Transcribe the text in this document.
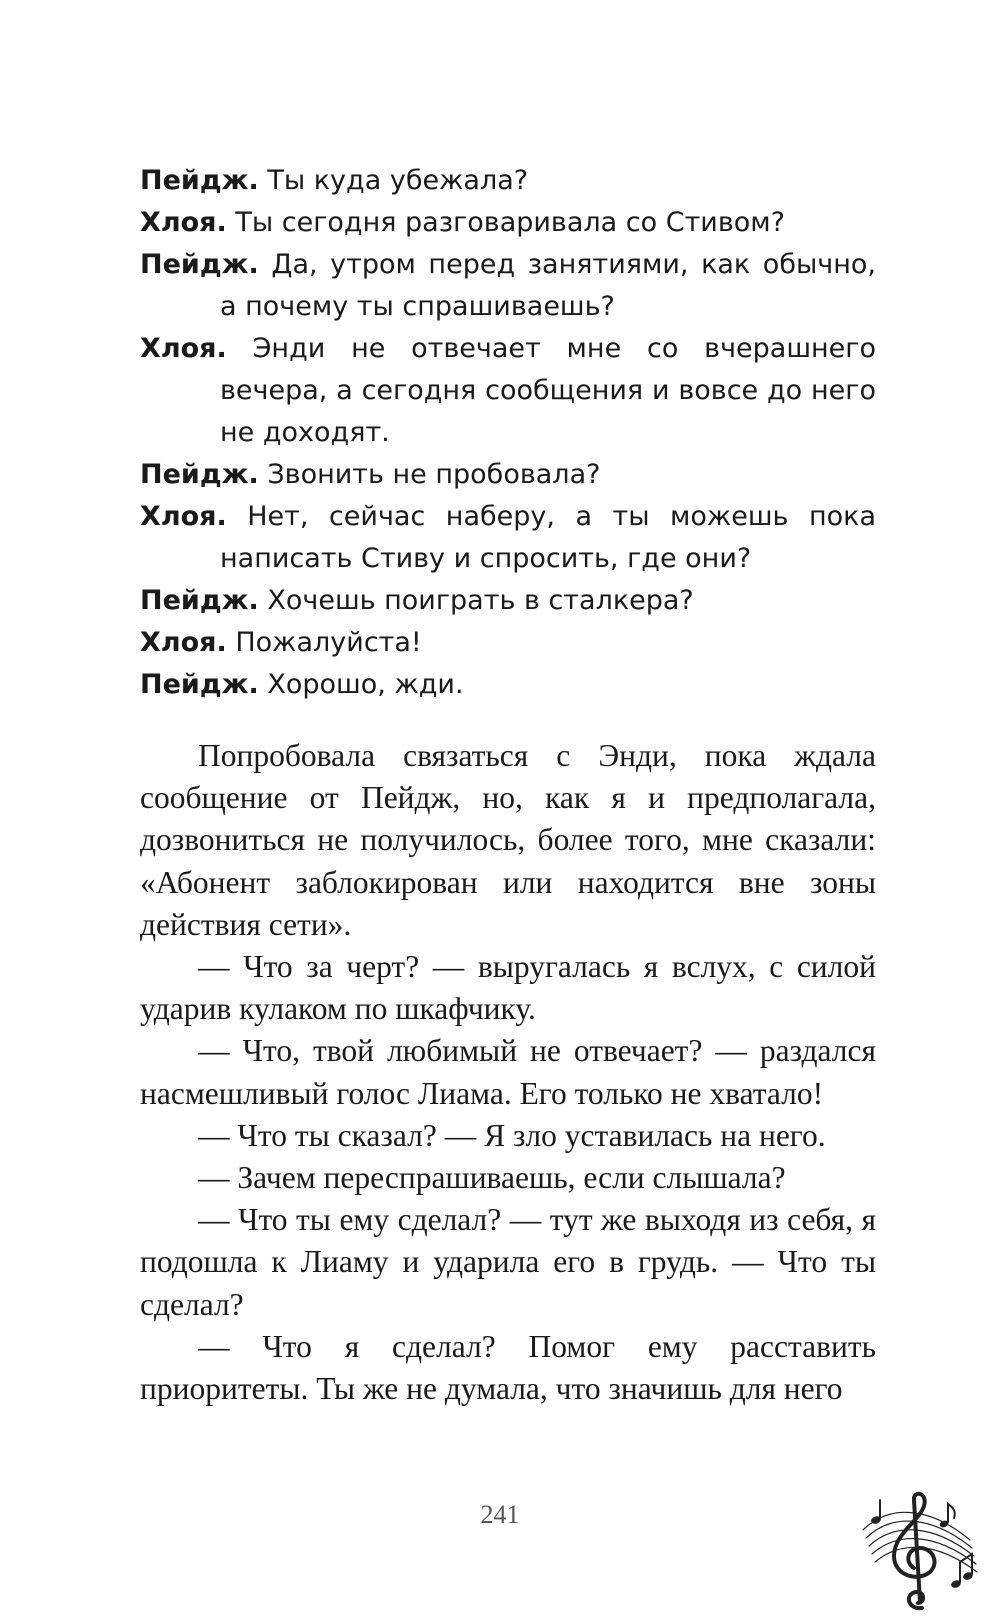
Пейдж. Ты куда убежала?

Хлоя. Ты сегодня разговаривала со Стивом?

Пейдж. Да, утром перед занятиями, как обычно, а почему ты спрашиваешь?

Хлоя. Энди не отвечает мне со вчерашнего вечера, а сегодня сообщения и вовсе до него не доходят.

Пейдж. Звонить не пробовала?

Хлоя. Нет, сейчас наберу, а ты можешь пока написать Стиву и спросить, где они?

Пейдж. Хочешь поиграть в сталкера?

Хлоя. Пожалуйста!

Пейдж. Хорошо, жди.

Попробовала связаться с Энди, пока ждала сообщение от Пейдж, но, как я и предполагала, дозвониться не получилось, более того, мне сказали: «Абонент заблокирован или находится вне зоны действия сети».

— Что за черт? — выругалась я вслух, с силой ударив кулаком по шкафчику.

— Что, твой любимый не отвечает? — раздался насмешливый голос Лиама. Его только не хватало!

— Что ты сказал? — Я зло уставилась на него.

— Зачем переспрашиваешь, если слышала?

— Что ты ему сделал? — тут же выходя из себя, я подошла к Лиаму и ударила его в грудь. — Что ты сделал?

— Что я сделал? Помог ему расставить приоритеты. Ты же не думала, что значишь для него

241
